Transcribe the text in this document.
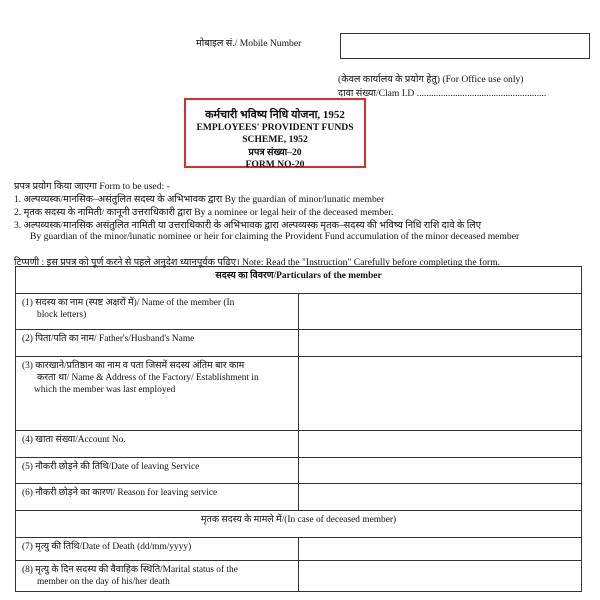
मोबाइल सं./ Mobile Number
(केवल कार्यालय के प्रयोग हेतु) (For Office use only)
दावा संख्या/Clam I.D ......................................................
कर्मचारी भविष्य निधि योजना, 1952
EMPLOYEES' PROVIDENT FUNDS SCHEME, 1952
प्रपत्र संख्या–20
FORM NO-20
प्रपत्र प्रयोग किया जाएगा Form to be used: -
1. अल्पव्यस्क/मानसिक–असंतुलित सदस्य के अभिभावक द्वारा By the guardian of minor/lunatic member
2. मृतक सदस्य के नामिती/ कानूनी उत्तराधिकारी द्वारा By a nominee or legal heir of the deceased member.
3. अल्पव्यस्क/मानसिक असंतुलित नामिती या उत्तराधिकारी के अभिभावक द्वारा अल्पव्यस्क मृतक–सदस्य की भविष्य निधि राशि दावे के लिए
By guardian of the minor/lunatic nominee or heir for claiming the Provident Fund accumulation of the minor deceased member
टिप्पणी : इस प्रपत्र को पूर्ण करने से पहले अनुदेश ध्यानपूर्वक पढ़िए। Note: Read the "Instruction" Carefully before completing the form.
सदस्य का विवरण/Particulars of the member	
(1) सदस्य का नाम (स्पष्ट अक्षरों में)/ Name of the member (In
block letters)	

(2) पिता/पति का नाम/ Father's/Husband's Name	
(3) कारखाने/प्रतिष्ठान का नाम व पता जिसमें सदस्य अंतिम बार काम
करता था/ Name & Address of the Factory/ Establishment in
which the member was last employed	

(4) खाता संख्या/Account No.	
(5) नौकरी छोड़ने की तिथि/Date of leaving Service	
(6) नौकरी छोड़ने का कारण/ Reason for leaving service	
मृतक सदस्य के मामले में/(In case of deceased member)	
(7) मृत्यु की तिथि/Date of Death (dd/mm/yyyy)	
(8) मृत्यु के दिन सदस्य की वैवाहिक स्थिति/Marital status of the
member on the day of his/her death	
